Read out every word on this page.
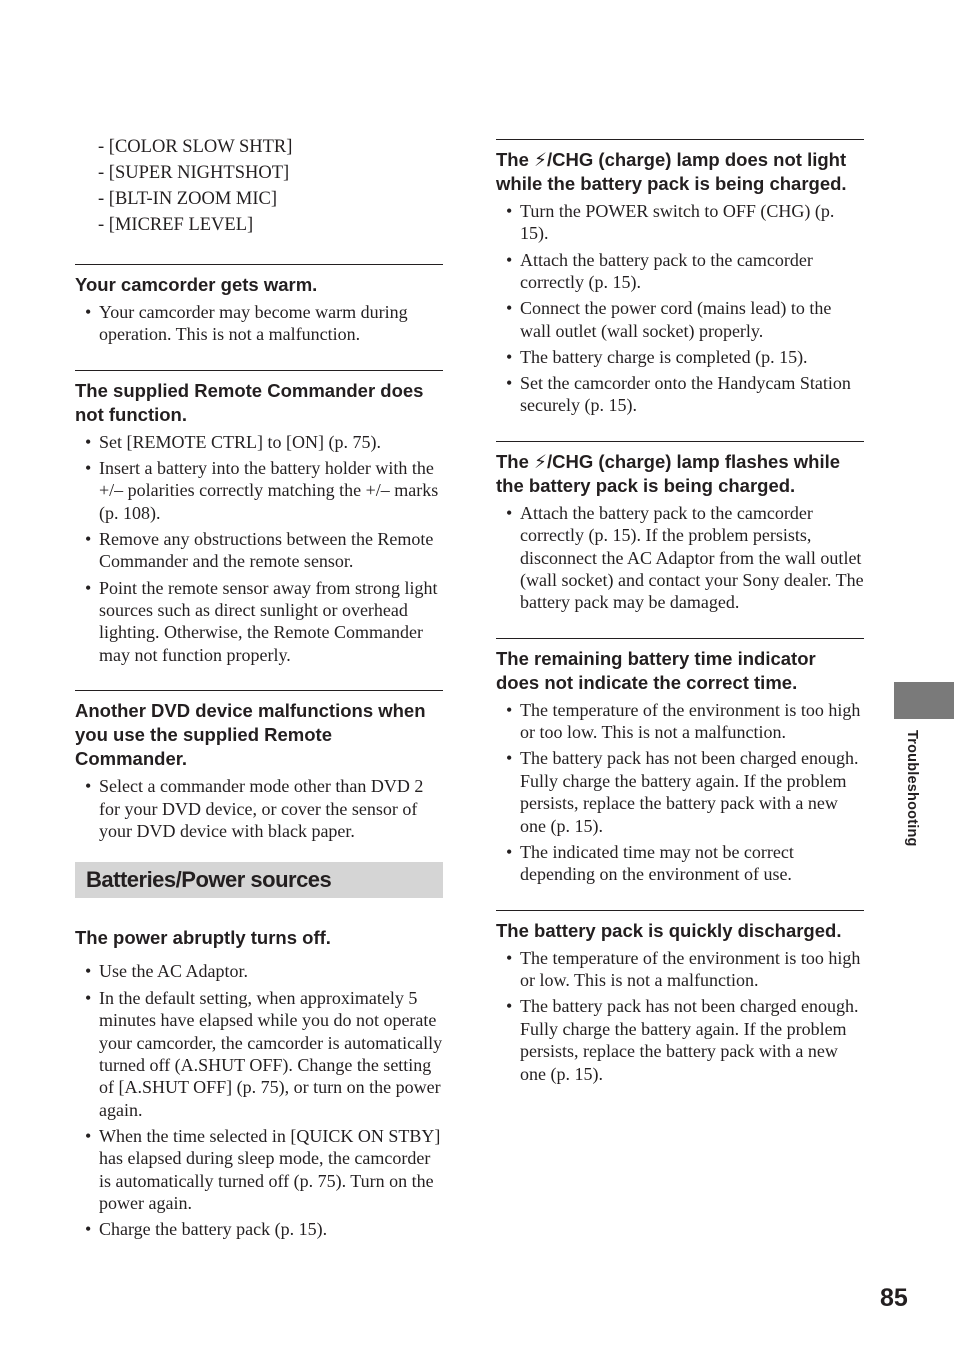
- [COLOR SLOW SHTR]
- [SUPER NIGHTSHOT]
- [BLT-IN ZOOM MIC]
- [MICREF LEVEL]
Your camcorder gets warm.
• Your camcorder may become warm during operation. This is not a malfunction.
The supplied Remote Commander does not function.
• Set [REMOTE CTRL] to [ON] (p. 75).
• Insert a battery into the battery holder with the +/– polarities correctly matching the +/– marks (p. 108).
• Remove any obstructions between the Remote Commander and the remote sensor.
• Point the remote sensor away from strong light sources such as direct sunlight or overhead lighting. Otherwise, the Remote Commander may not function properly.
Another DVD device malfunctions when you use the supplied Remote Commander.
• Select a commander mode other than DVD 2 for your DVD device, or cover the sensor of your DVD device with black paper.
Batteries/Power sources
The power abruptly turns off.
• Use the AC Adaptor.
• In the default setting, when approximately 5 minutes have elapsed while you do not operate your camcorder, the camcorder is automatically turned off (A.SHUT OFF). Change the setting of [A.SHUT OFF] (p. 75), or turn on the power again.
• When the time selected in [QUICK ON STBY] has elapsed during sleep mode, the camcorder is automatically turned off (p. 75). Turn on the power again.
• Charge the battery pack (p. 15).
The ⚡/CHG (charge) lamp does not light while the battery pack is being charged.
• Turn the POWER switch to OFF (CHG) (p. 15).
• Attach the battery pack to the camcorder correctly (p. 15).
• Connect the power cord (mains lead) to the wall outlet (wall socket) properly.
• The battery charge is completed (p. 15).
• Set the camcorder onto the Handycam Station securely (p. 15).
The ⚡/CHG (charge) lamp flashes while the battery pack is being charged.
• Attach the battery pack to the camcorder correctly (p. 15). If the problem persists, disconnect the AC Adaptor from the wall outlet (wall socket) and contact your Sony dealer. The battery pack may be damaged.
The remaining battery time indicator does not indicate the correct time.
• The temperature of the environment is too high or too low. This is not a malfunction.
• The battery pack has not been charged enough. Fully charge the battery again. If the problem persists, replace the battery pack with a new one (p. 15).
• The indicated time may not be correct depending on the environment of use.
The battery pack is quickly discharged.
• The temperature of the environment is too high or low. This is not a malfunction.
• The battery pack has not been charged enough. Fully charge the battery again. If the problem persists, replace the battery pack with a new one (p. 15).
Troubleshooting
85
